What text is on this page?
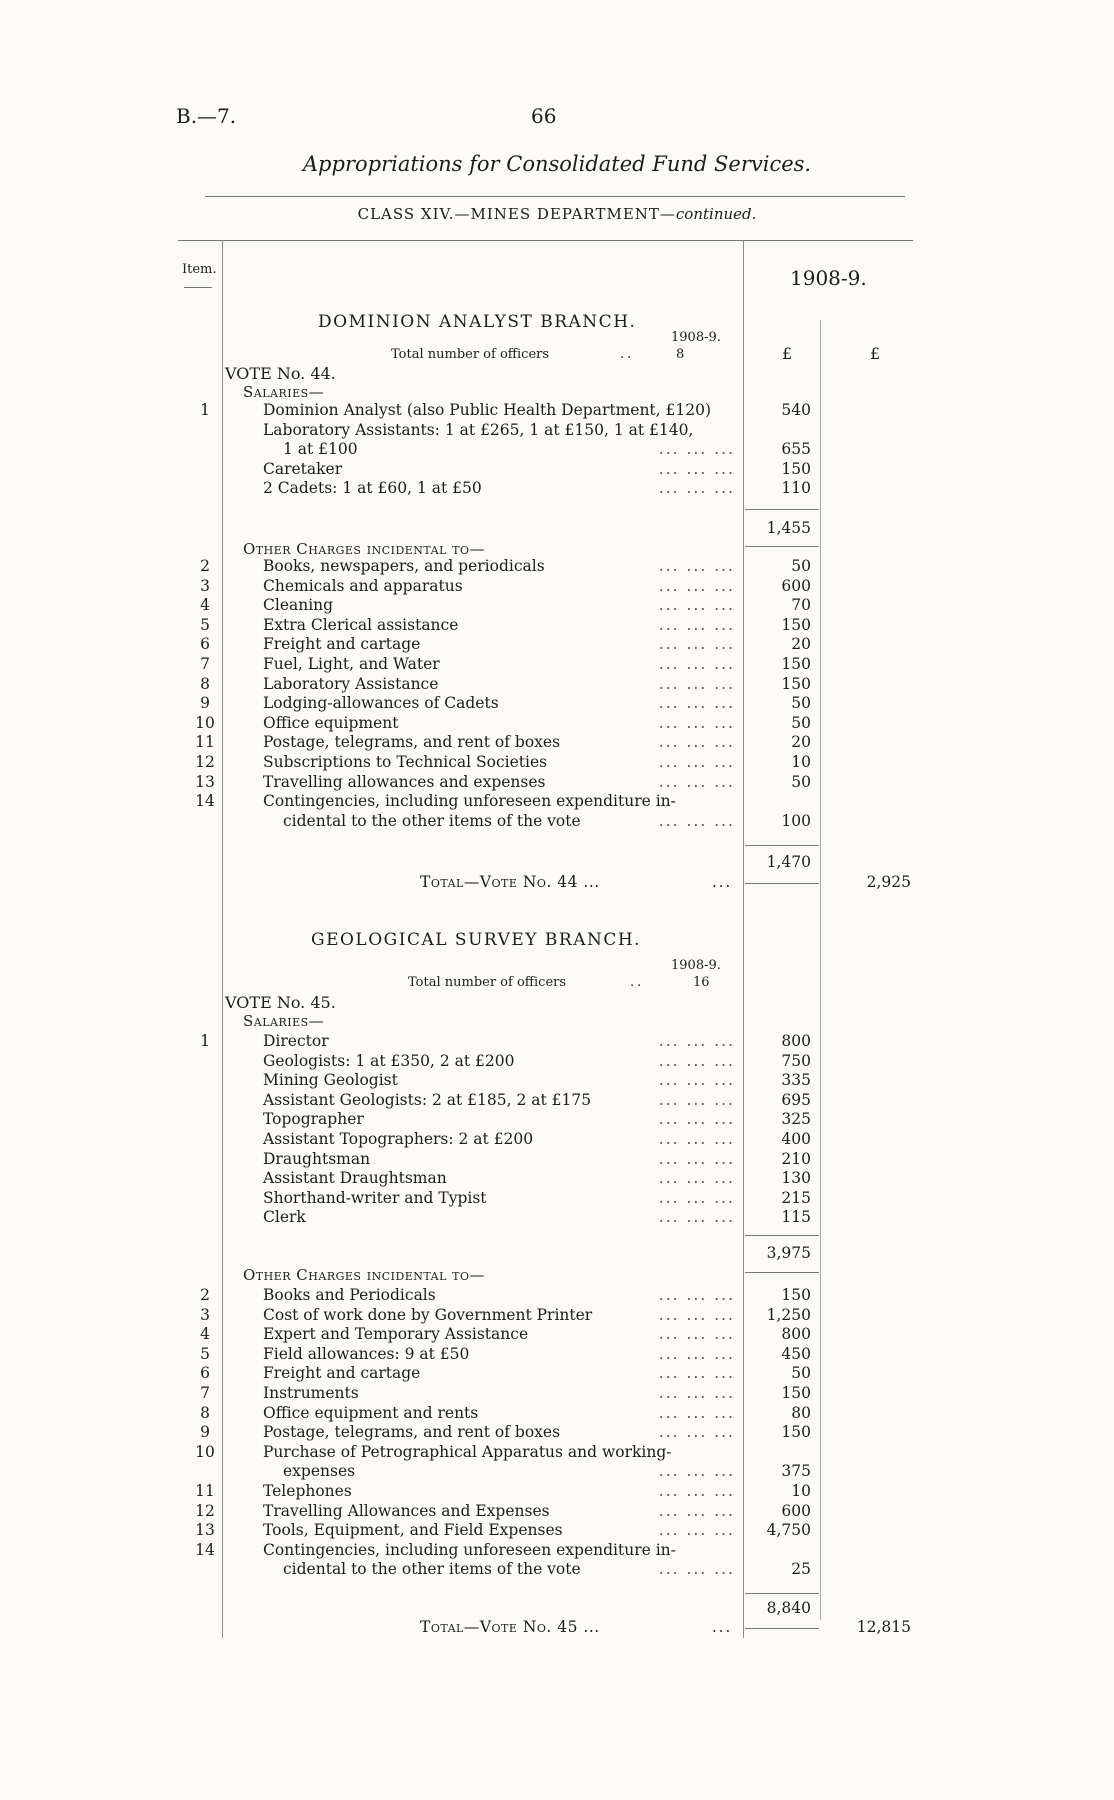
B.—7.	66
Appropriations for Consolidated Fund Services.
CLASS XIV.—MINES DEPARTMENT—continued.
Item.	1908-9.
£	£
DOMINION ANALYST BRANCH.
1908-9.
Total number of officers	..	8
VOTE No. 44.
Salaries—
1	Dominion Analyst (also Public Health Department, £120)	540
Laboratory Assistants: 1 at £265, 1 at £150, 1 at £140,
1 at £100	... ... ...	655
Caretaker	... ... ...	150
2 Cadets: 1 at £60, 1 at £50	... ... ...	110
1,455
Other Charges incidental to—
2	Books, newspapers, and periodicals	... ... ...	50
3	Chemicals and apparatus	... ... ...	600
4	Cleaning	... ... ...	70
5	Extra Clerical assistance	... ... ...	150
6	Freight and cartage	... ... ...	20
7	Fuel, Light, and Water	... ... ...	150
8	Laboratory Assistance	... ... ...	150
9	Lodging-allowances of Cadets	... ... ...	50
10	Office equipment	... ... ...	50
11	Postage, telegrams, and rent of boxes	... ... ...	20
12	Subscriptions to Technical Societies	... ... ...	10
13	Travelling allowances and expenses	... ... ...	50
14	Contingencies, including unforeseen expenditure in-
cidental to the other items of the vote	... ... ...	100
1,470
Total—Vote No. 44 ...	...	2,925
GEOLOGICAL SURVEY BRANCH.
1908-9.
Total number of officers	..	16
VOTE No. 45.
Salaries—
1	Director	... ... ...	800
Geologists: 1 at £350, 2 at £200	... ... ...	750
Mining Geologist	... ... ...	335
Assistant Geologists: 2 at £185, 2 at £175	... ... ...	695
Topographer	... ... ...	325
Assistant Topographers: 2 at £200	... ... ...	400
Draughtsman	... ... ...	210
Assistant Draughtsman	... ... ...	130
Shorthand-writer and Typist	... ... ...	215
Clerk	... ... ...	115
3,975
Other Charges incidental to—
2	Books and Periodicals	... ... ...	150
3	Cost of work done by Government Printer	... ... ... 1,250
4	Expert and Temporary Assistance	... ... ...	800
5	Field allowances: 9 at £50	... ... ...	450
6	Freight and cartage	... ... ...	50
7	Instruments	... ... ...	150
8	Office equipment and rents	... ... ...	80
9	Postage, telegrams, and rent of boxes	... ... ...	150
10	Purchase of Petrographical Apparatus and working-
expenses	... ... ...	375
11	Telephones	... ... ...	10
12	Travelling Allowances and Expenses	... ... ...	600
13	Tools, Equipment, and Field Expenses	... ... ... 4,750
14	Contingencies, including unforeseen expenditure in-
cidental to the other items of the vote	... ... ...	25
8,840
Total—Vote No. 45 ...	...	12,815
